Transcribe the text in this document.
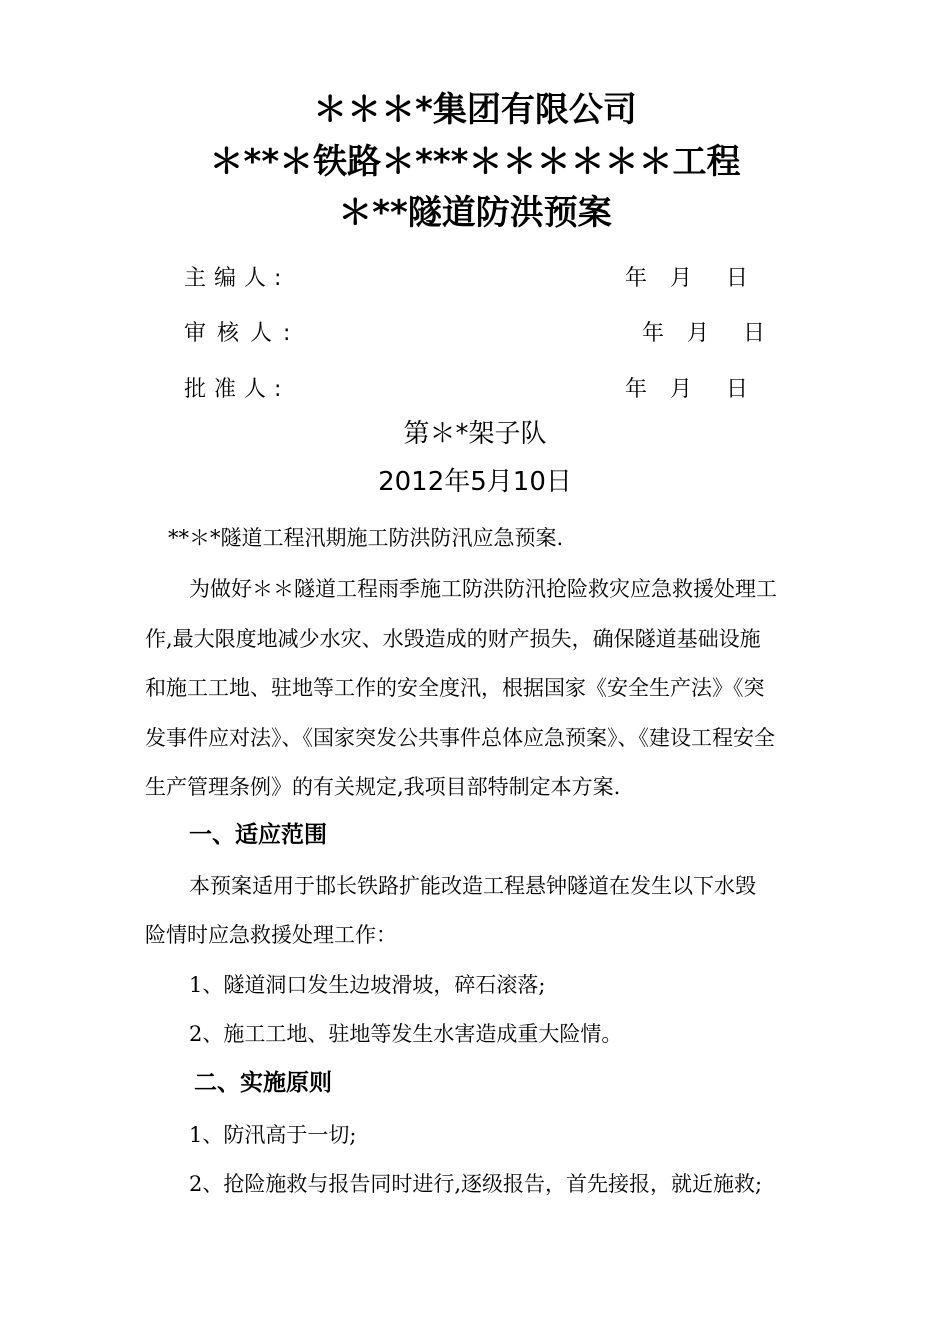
＊＊＊*集团有限公司
＊**＊铁路＊***＊＊＊＊＊＊工程
＊**隧道防洪预案
主编人:	年 月 日
审核人:	年 月 日
批准人:	年 月 日
第＊*架子队
2012年5月10日
**＊*隧道工程汛期施工防洪防汛应急预案.
为做好＊＊隧道工程雨季施工防洪防汛抢险救灾应急救援处理工
作,最大限度地减少水灾、水毁造成的财产损失，确保隧道基础设施
和施工工地、驻地等工作的安全度汛，根据国家《安全生产法》《突
发事件应对法》、《国家突发公共事件总体应急预案》、《建设工程安全
生产管理条例》的有关规定,我项目部特制定本方案.
一、适应范围
本预案适用于邯长铁路扩能改造工程悬钟隧道在发生以下水毁
险情时应急救援处理工作：
1、隧道洞口发生边坡滑坡，碎石滚落;
2、施工工地、驻地等发生水害造成重大险情。
二、实施原则
1、防汛高于一切;
2、抢险施救与报告同时进行,逐级报告，首先接报，就近施救;
